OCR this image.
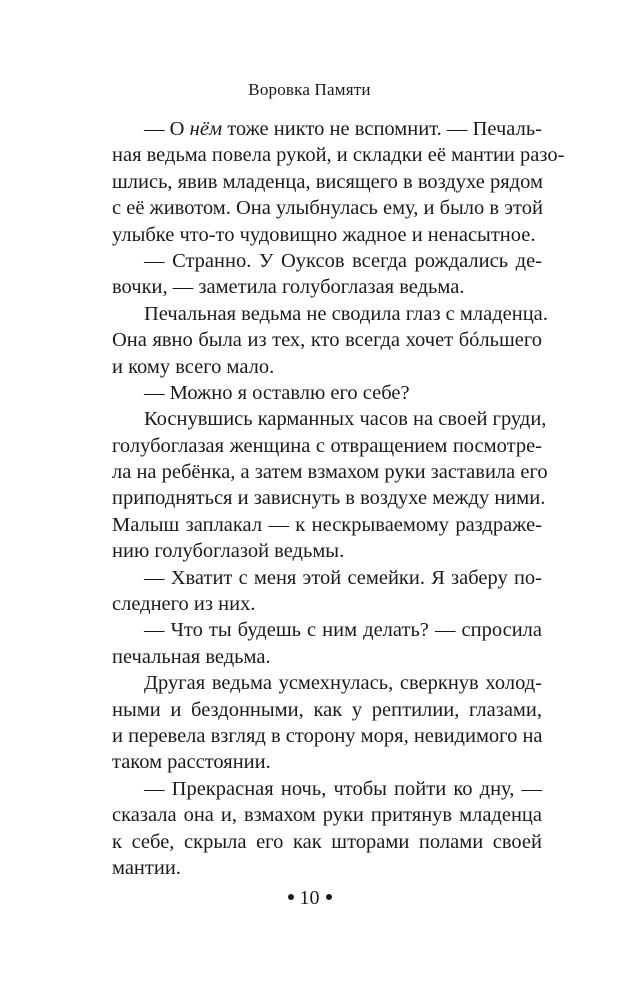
Воровка Памяти
— О нём тоже никто не вспомнит. — Печаль-
ная ведьма повела рукой, и складки её мантии разо-
шлись, явив младенца, висящего в воздухе рядом
с её животом. Она улыбнулась ему, и было в этой
улыбке что-то чудовищно жадное и ненасытное.
— Странно. У Оуксов всегда рождались де-
вочки, — заметила голубоглазая ведьма.
Печальная ведьма не сводила глаз с младенца.
Она явно была из тех, кто всегда хочет бóльшего
и кому всего мало.
— Можно я оставлю его себе?
Коснувшись карманных часов на своей груди,
голубоглазая женщина с отвращением посмотре-
ла на ребёнка, а затем взмахом руки заставила его
приподняться и зависнуть в воздухе между ними.
Малыш заплакал — к нескрываемому раздраже-
нию голубоглазой ведьмы.
— Хватит с меня этой семейки. Я заберу по-
следнего из них.
— Что ты будешь с ним делать? — спросила
печальная ведьма.
Другая ведьма усмехнулась, сверкнув холод-
ными и бездонными, как у рептилии, глазами,
и перевела взгляд в сторону моря, невидимого на
таком расстоянии.
— Прекрасная ночь, чтобы пойти ко дну, —
сказала она и, взмахом руки притянув младенца
к себе, скрыла его как шторами полами своей
мантии.
10
